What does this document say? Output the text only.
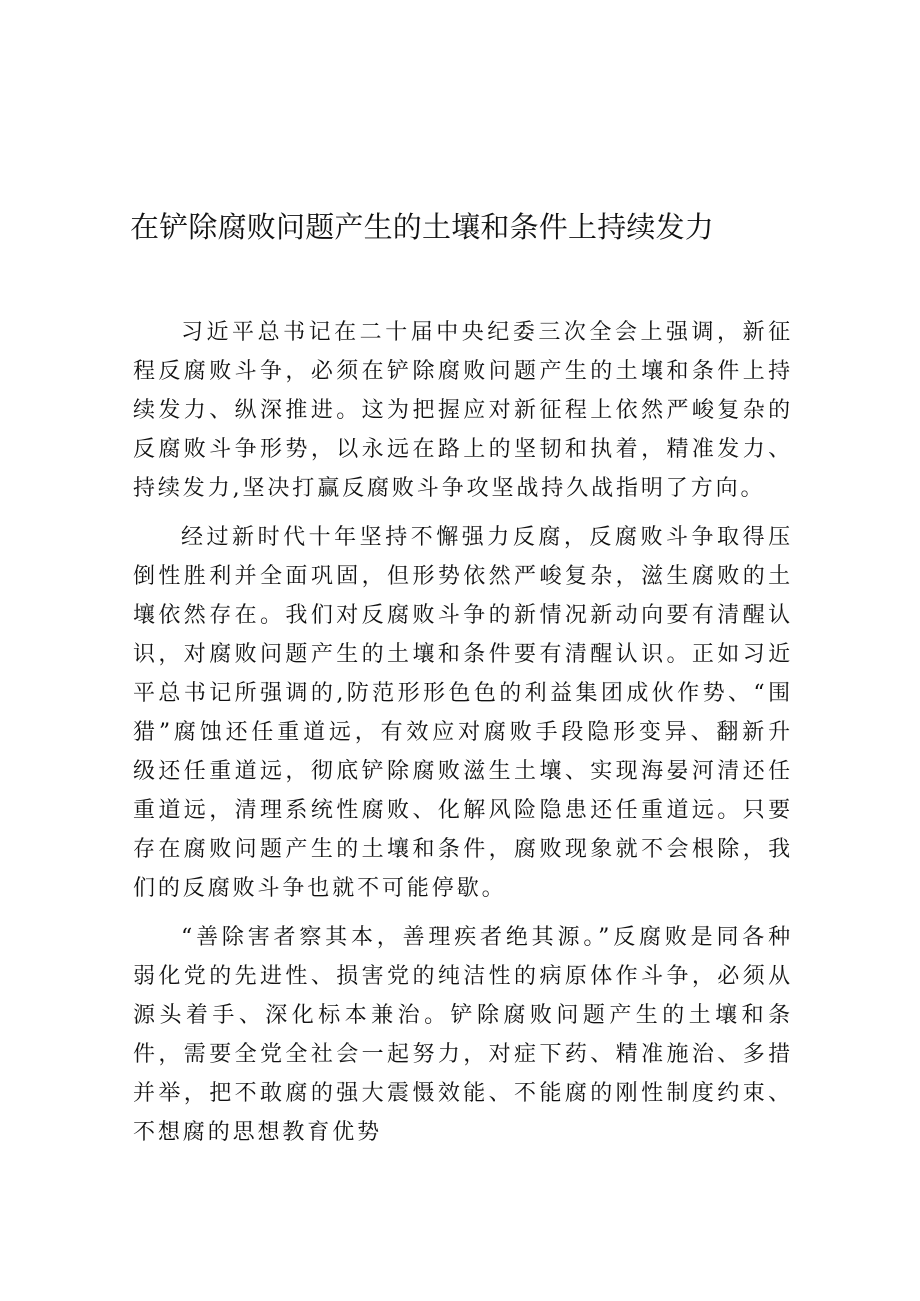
在铲除腐败问题产生的土壤和条件上持续发力

习近平总书记在二十届中央纪委三次全会上强调，新征程反腐败斗争，必须在铲除腐败问题产生的土壤和条件上持续发力、纵深推进。这为把握应对新征程上依然严峻复杂的反腐败斗争形势，以永远在路上的坚韧和执着，精准发力、持续发力,坚决打赢反腐败斗争攻坚战持久战指明了方向。

经过新时代十年坚持不懈强力反腐，反腐败斗争取得压倒性胜利并全面巩固，但形势依然严峻复杂，滋生腐败的土壤依然存在。我们对反腐败斗争的新情况新动向要有清醒认识，对腐败问题产生的土壤和条件要有清醒认识。正如习近平总书记所强调的,防范形形色色的利益集团成伙作势、“围猎”腐蚀还任重道远，有效应对腐败手段隐形变异、翻新升级还任重道远，彻底铲除腐败滋生土壤、实现海晏河清还任重道远，清理系统性腐败、化解风险隐患还任重道远。只要存在腐败问题产生的土壤和条件，腐败现象就不会根除，我们的反腐败斗争也就不可能停歇。

“善除害者察其本，善理疾者绝其源。”反腐败是同各种弱化党的先进性、损害党的纯洁性的病原体作斗争，必须从源头着手、深化标本兼治。铲除腐败问题产生的土壤和条件，需要全党全社会一起努力，对症下药、精准施治、多措并举，把不敢腐的强大震慑效能、不能腐的刚性制度约束、不想腐的思想教育优势
